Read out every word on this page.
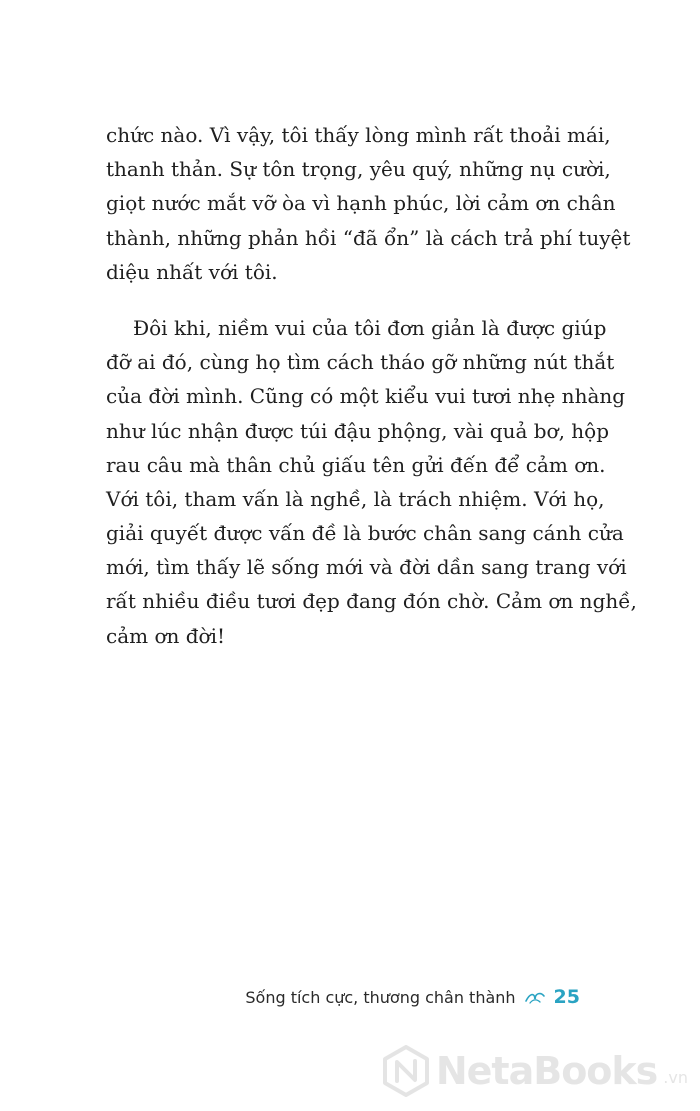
chức nào. Vì vậy, tôi thấy lòng mình rất thoải mái,
thanh thản. Sự tôn trọng, yêu quý, những nụ cười,
giọt nước mắt vỡ òa vì hạnh phúc, lời cảm ơn chân
thành, những phản hồi “đã ổn” là cách trả phí tuyệt
diệu nhất với tôi.
Đôi khi, niềm vui của tôi đơn giản là được giúp
đỡ ai đó, cùng họ tìm cách tháo gỡ những nút thắt
của đời mình. Cũng có một kiểu vui tươi nhẹ nhàng
như lúc nhận được túi đậu phộng, vài quả bơ, hộp
rau câu mà thân chủ giấu tên gửi đến để cảm ơn.
Với tôi, tham vấn là nghề, là trách nhiệm. Với họ,
giải quyết được vấn đề là bước chân sang cánh cửa
mới, tìm thấy lẽ sống mới và đời dần sang trang với
rất nhiều điều tươi đẹp đang đón chờ. Cảm ơn nghề,
cảm ơn đời!
Sống tích cực, thương chân thành 25
NetaBooks .vn
